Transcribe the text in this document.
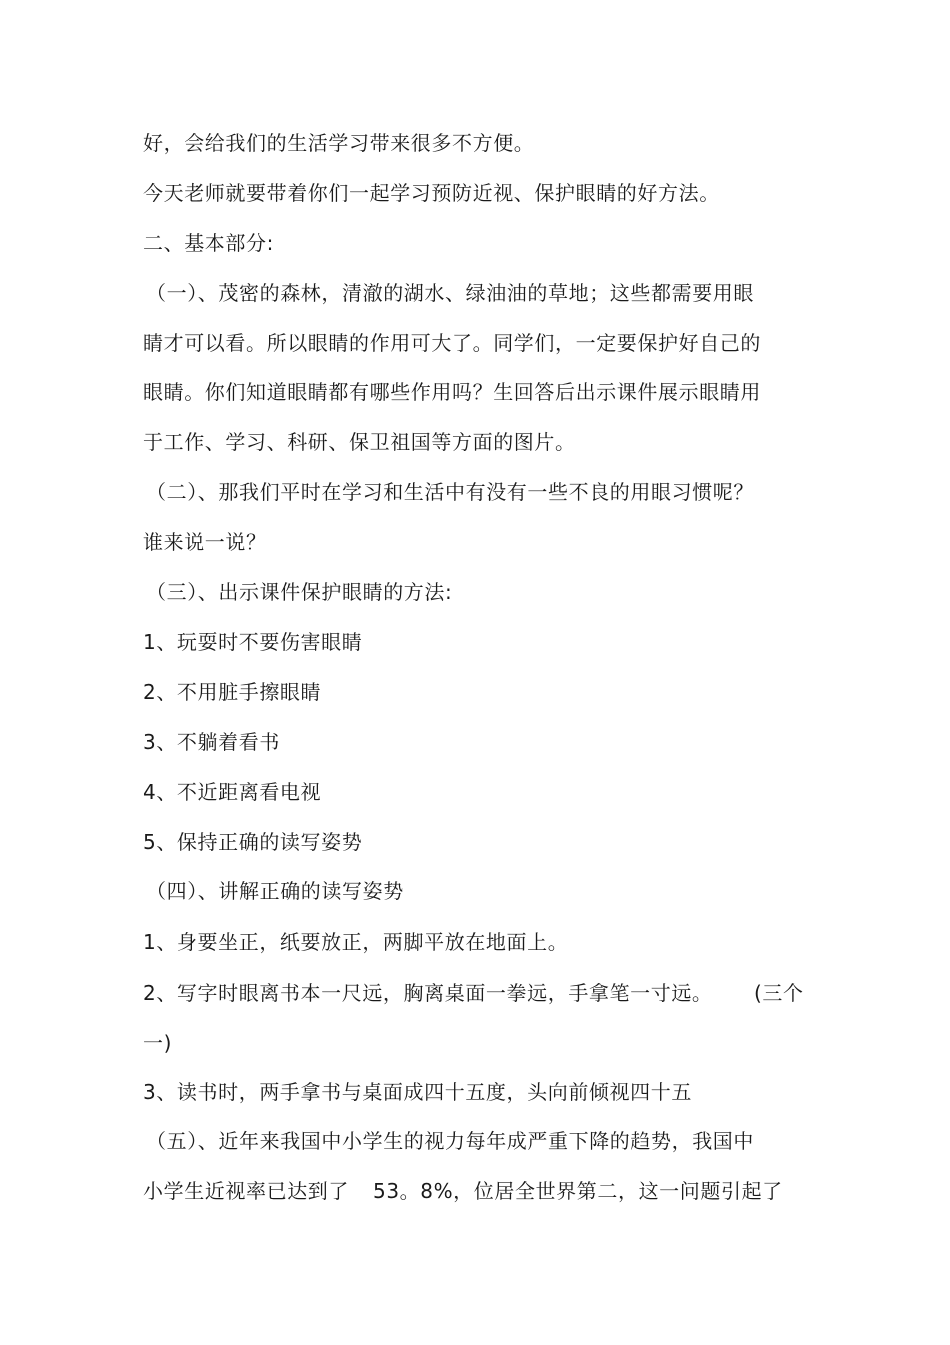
好，会给我们的生活学习带来很多不方便。
今天老师就要带着你们一起学习预防近视、保护眼睛的好方法。
二、基本部分:
（一）、茂密的森林，清澈的湖水、绿油油的草地；这些都需要用眼
睛才可以看。所以眼睛的作用可大了。同学们，一定要保护好自己的
眼睛。你们知道眼睛都有哪些作用吗？生回答后出示课件展示眼睛用
于工作、学习、科研、保卫祖国等方面的图片。
（二）、那我们平时在学习和生活中有没有一些不良的用眼习惯呢？
谁来说一说？
（三）、出示课件保护眼睛的方法:
1、玩耍时不要伤害眼睛
2、不用脏手擦眼睛
3、不躺着看书
4、不近距离看电视
5、保持正确的读写姿势
（四）、讲解正确的读写姿势
1、身要坐正，纸要放正，两脚平放在地面上。
2、写字时眼离书本一尺远，胸离桌面一拳远，手拿笔一寸远。 (三个
一)
3、读书时，两手拿书与桌面成四十五度，头向前倾视四十五
（五）、近年来我国中小学生的视力每年成严重下降的趋势，我国中
小学生近视率已达到了 53。8%，位居全世界第二，这一问题引起了
